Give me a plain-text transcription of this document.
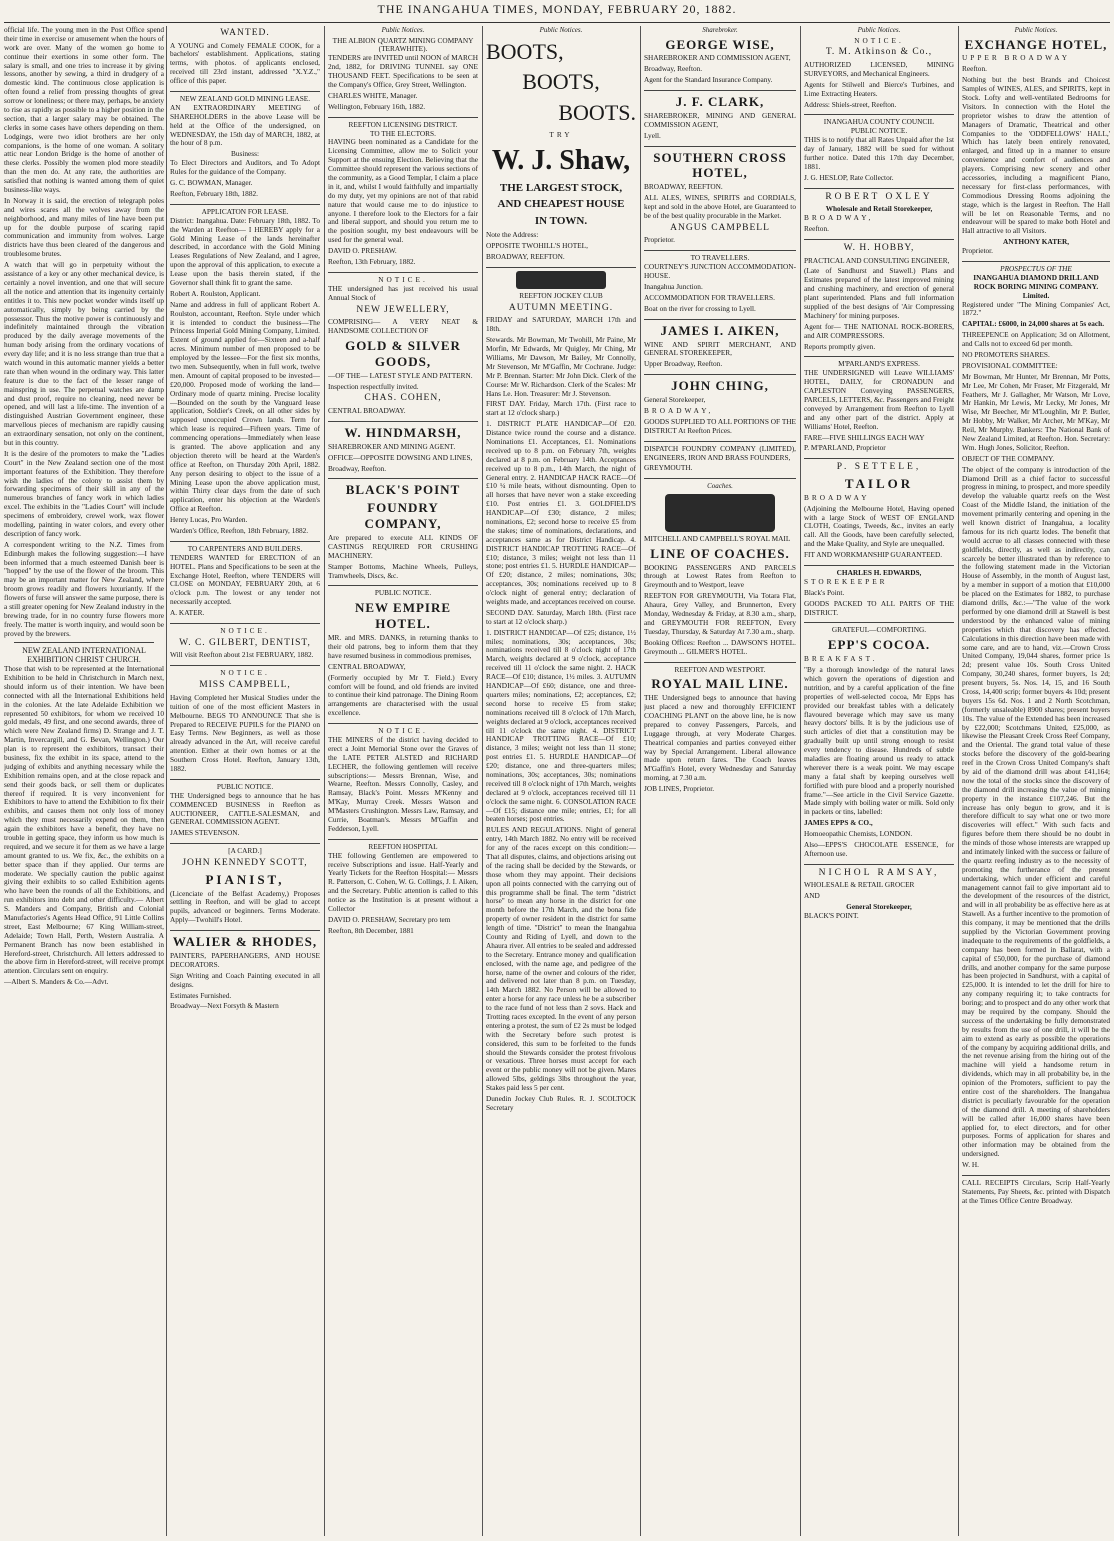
THE INANGAHUA TIMES, MONDAY, FEBRUARY 20, 1882.

official life. The young men in the Post Office spend their time in exercise or amusement when the hours of work are over. Many of the women go home to continue their exertions in some other form. The salary is small, and one tries to increase it by giving lessons, another by sewing, a third in drudgery of a domestic kind. The continuous close application is often found a relief from pressing thoughts of great sorrow or loneliness; or there may, perhaps, be anxiety to rise as rapidly as possible to a higher position in the section, that a larger salary may be obtained. The clerks in some cases have others depending on them. Lodgings, were two idiot brothers are her only companions, is the home of one woman. A solitary attic near London Bridge is the home of another of these clerks. Possibly the women plod more steadily than the men do. At any rate, the authorities are satisfied that nothing is wanted among them of quiet business-like ways.

In Norway it is said, the erection of telegraph poles and wires scares all the wolves away from the neighborhood, and many miles of line have been put up for the double purpose of scaring rapid communication and immunity from wolves. Large districts have thus been cleared of the dangerous and troublesome brutes.

A watch that will go in perpetuity without the assistance of a key or any other mechanical device, is certainly a novel invention, and one that will secure all the notice and attention that its ingenuity certainly entitles it to. This new pocket wonder winds itself up automatically, simply by being carried by the possessor. Thus the motive power is continuously and indefinitely maintained through the vibration produced by the daily average movements of the human body arising from the ordinary vocations of every day life; and it is no less strange than true that a watch wound in this automatic manner yields a better rate than when wound in the ordinary way. This latter feature is due to the fact of the lesser range of mainspring in use. The perpetual watches are damp and dust proof, require no cleaning, need never be opened, and will last a life-time. The invention of a distinguished Austrian Government engineer, these marvellous pieces of mechanism are rapidly causing an extraordinary sensation, not only on the continent, but in this country.

It is the desire of the promoters to make the "Ladies Court" in the New Zealand section one of the most important features of the Exhibition. They therefore wish the ladies of the colony to assist them by forwarding specimens of their skill in any of the numerous branches of fancy work in which ladies excel. The exhibits in the "Ladies Court" will include specimens of embroidery, crewel work, wax flower modelling, painting in water colors, and every other description of fancy work.

A correspondent writing to the N.Z. Times from Edinburgh makes the following suggestion:—I have been informed that a much esteemed Danish beer is "hopped" by the use of the flower of the broom. This may be an important matter for New Zealand, where broom grows readily and flowers luxuriantly. If the flowers of furse will answer the same purpose, there is a still greater opening for New Zealand industry in the brewing trade, for in no country furse flowers more freely. The matter is worth inquiry, and would soon be proved by the brewers.

NEW ZEALAND INTERNATIONAL EXHIBITION CHRIST CHURCH.

Those that wish to be represented at the International Exhibition to be held in Christchurch in March next, should inform us of their intention. We have been connected with all the International Exhibitions held in the colonies. At the late Adelaide Exhibition we represented 50 exhibitors, for whom we received 10 gold medals, 49 first, and one second awards, three of which were New Zealand firms) D. Strange and J. T. Martin, Invercargill, and G. Bevan, Wellington.) Our plan is to represent the exhibitors, transact their business, fix the exhibit in its space, attend to the judging of exhibits and anything necessary while the Exhibition remains open, and at the close repack and send their goods back, or sell them or duplicates thereof if required. It is very inconvenient for Exhibitors to have to attend the Exhibition to fix their exhibits, and causes them not only loss of money which they must necessarily expend on them, then again the exhibitors have a benefit, they have no trouble in getting space, they inform us how much is required, and we secure it for them as we have a large amount granted to us. We fix, &c., the exhibits on a better space than if they applied. Our terms are moderate. We specially caution the public against giving their exhibits to so called Exhibition agents who have been the rounds of all the Exhibitions, and run exhibitors into debt and other difficulty.— Albert S. Manders and Company, British and Colonial Manufactories's Agents Head Office, 91 Little Collins street, East Melbourne; 67 King William-street, Adelaide; Town Hall, Perth, Western Australia. A Permanent Branch has now been established in Hereford-street, Christchurch. All letters addressed to the above firm in Hereford-street, will receive prompt attention. Circulars sent on enquiry.

—Albert S. Manders & Co.—Advt.

WANTED.

A YOUNG and Comely FEMALE COOK, for a bachelors' establishment. Applications, stating terms, with photos. of applicants enclosed, received till 23rd instant, addressed "X.Y.Z.," office of this paper.

NEW ZEALAND GOLD MINING LEASE.

AN EXTRAORDINARY MEETING of SHAREHOLDERS in the above Lease will be held at the Office of the undersigned, on WEDNESDAY, the 15th day of MARCH, 1882, at the hour of 8 p.m.

Business:

To Elect Directors and Auditors, and To Adopt Rules for the guidance of the Company.

G. C. BOWMAN, Manager.

Reefton, February 18th, 1882.

APPLICATON FOR LEASE.

District: Inangahua. Date: February 18th, 1882. To the Warden at Reefton— I HEREBY apply for a Gold Mining Lease of the lands hereinafter described, in accordance with the Gold Mining Leases Regulations of New Zealand, and I agree, upon the approval of this application, to execute a Lease upon the basis therein stated, if the Governor shall think fit to grant the same.

Robert A. Roulston, Applicant.

Name and address in full of applicant Robert A. Roulston, accountant, Reefton. Style under which it is intended to conduct the business—The Princess Imperial Gold Mining Company, Limited. Extent of ground applied for—Sixteen and a-half acres. Minimum number of men proposed to be employed by the lessee—For the first six months, two men. Subsequently, when in full work, twelve men. Amount of capital proposed to be invested—£20,000. Proposed mode of working the land—Ordinary mode of quartz mining. Precise locality—Bounded on the south by the Vanguard lease application, Soldier's Creek, on all other sides by supposed unoccupied Crown lands. Term for which lease is required—Fifteen years. Time of commencing operations—Immediately when lease is granted. The above application and any objection thereto will be heard at the Warden's office at Reefton, on Thursday 20th April, 1882. Any person desiring to object to the issue of a Mining Lease upon the above application must, within Thirty clear days from the date of such application, enter his objection at the Warden's Office at Reefton.

Henry Lucas, Pro Warden.

Warden's Office, Reefton, 18th February, 1882.

TO CARPENTERS AND BUILDERS.

TENDERS WANTED for ERECTION of an HOTEL. Plans and Specifications to be seen at the Exchange Hotel, Reefton, where TENDERS will CLOSE on MONDAY, FEBRUARY 20th, at 6 o'clock p.m. The lowest or any tender not necessarily accepted.

A. KATER.

NOTICE.
W. C. GILBERT, DENTIST,

Will visit Reefton about 21st FEBRUARY, 1882.

NOTICE.
MISS CAMPBELL,

Having Completed her Musical Studies under the tuition of one of the most efficient Masters in Melbourne. BEGS TO ANNOUNCE That she is Prepared to RECEIVE PUPILS for the PIANO on Easy Terms. New Beginners, as well as those already advanced in the Art, will receive careful attention. Either at their own homes or at the Southern Cross Hotel. Reefton, January 13th, 1882.

PUBLIC NOTICE.

THE Undersigned begs to announce that he has COMMENCED BUSINESS in Reefton as AUCTIONEER, CATTLE-SALESMAN, and GENERAL COMMISSION AGENT.

JAMES STEVENSON.

[A CARD.]
JOHN KENNEDY SCOTT,
PIANIST,

(Licenciate of the Belfast Academy,) Proposes settling in Reefton, and will be glad to accept pupils, advanced or beginners. Terms Moderate. Apply—Twohill's Hotel.

WALIER & RHODES,

PAINTERS, PAPERHANGERS, AND HOUSE DECORATORS.

Sign Writing and Coach Painting executed in all designs.

Estimates Furnished.

Broadway—Next Forsyth & Mastern

Public Notices.
THE ALBION QUARTZ MINING COMPANY (TERAWHITE).

TENDERS are INVITED until NOON of MARCH 2nd, 1882, for DRIVING TUNNEL say ONE THOUSAND FEET. Specifications to be seen at the Company's Office, Grey Street, Wellington.

CHARLES WHITE, Manager.

Wellington, February 16th, 1882.

REEFTON LICENSING DISTRICT.
TO THE ELECTORS.

HAVING been nominated as a Candidate for the Licensing Committee, allow me to Solicit your Support at the ensuing Election. Believing that the Committee should represent the various sections of the community, as a Good Templar, I claim a place in it, and, whilst I would faithfully and impartially do my duty, yet my opinions are not of that rabid nature that would cause me to do injustice to anyone. I therefore look to the Electors for a fair and liberal support, and should you return me to the position sought, my best endeavours will be used for the general weal.

DAVID O. PRESHAW.

Reefton, 13th February, 1882.

NOTICE.

THE undersigned has just received his usual Annual Stock of

NEW JEWELLERY,

COMPRISING— A VERY NEAT & HANDSOME COLLECTION OF

GOLD & SILVER GOODS,

—OF THE— LATEST STYLE AND PATTERN.

Inspection respectfully invited.

CHAS. COHEN,

CENTRAL BROADWAY.

W. HINDMARSH,

SHAREBROKER AND MINING AGENT.

OFFICE—OPPOSITE DOWSING AND LINES,

Broadway, Reefton.

BLACK'S POINT
FOUNDRY COMPANY,

Are prepared to execute ALL KINDS OF CASTINGS REQUIRED FOR CRUSHING MACHINERY.

Stamper Bottoms, Machine Wheels, Pulleys, Tramwheels, Discs, &c.

PUBLIC NOTICE.
NEW EMPIRE HOTEL.

MR. and MRS. DANKS, in returning thanks to their old patrons, beg to inform them that they have resumed business in commodious premises,

CENTRAL BROADWAY,

(Formerly occupied by Mr T. Field.) Every comfort will be found, and old friends are invited to continue their kind patronage. The Dining Room arrangements are characterised with the usual excellence.

NOTICE.

THE MINERS of the district having decided to erect a Joint Memorial Stone over the Graves of the LATE PETER ALSTED and RICHARD LECHER, the following gentlemen will receive subscriptions:— Messrs Brennan, Wise, and Wearne, Reefton. Messrs Connolly, Casley, and Ramsay, Black's Point. Messrs M'Kenny and M'Kay, Murray Creek. Messrs Watson and M'Masters Crushington. Messrs Law, Ramsay, and Currie, Boatman's. Messrs M'Gaffin and Fedderson, Lyell.

REEFTON HOSPITAL

THE following Gentlemen are empowered to receive Subscriptions and issue. Half-Yearly and Yearly Tickets for the Reefton Hospital:— Messrs R. Patterson, C. Cohen, W. G. Collings, J. I. Aiken, and the Secretary. Public attention is called to this notice as the Institution is at present without a Collector

DAVID O. PRESHAW, Secretary pro tem

Reefton, 8th December, 1881

Public Notices.
BOOTS,
BOOTS,
BOOTS.
TRY
W. J. Shaw,
THE LARGEST STOCK,
AND CHEAPEST HOUSE
IN TOWN.

Note the Address:

OPPOSITE TWOHILL'S HOTEL,

BROADWAY, REEFTON.

REEFTON JOCKEY CLUB
AUTUMN MEETING.

FRIDAY and SATURDAY, MARCH 17th and 18th.

Stewards. Mr Bowman, Mr Twohill, Mr Paine, Mr Morfin, Mr Edwards, Mr Quigley, Mr Ching, Mr Williams, Mr Dawson, Mr Bailey, Mr Connolly, Mr Stevenson, Mr M'Gaffin, Mr Cochrane. Judge: Mr P. Brennan. Starter: Mr John Dick. Clerk of the Course: Mr W. Richardson. Clerk of the Scales: Mr Hans Le. Hon. Treasurer: Mr J. Stevenson.

FIRST DAY. Friday, March 17th. (First race to start at 12 o'clock sharp.)

1. DISTRICT PLATE HANDICAP—Of £20. Distance twice round the course and a distance. Nominations £1. Acceptances, £1. Nominations received up to 8 p.m. on February 7th, weights declared at 8 p.m. on February 14th. Acceptances received up to 8 p.m., 14th March, the night of General entry. 2. HANDICAP HACK RACE—Of £10 ¼ mile heats, without dismounting. Open to all horses that have never won a stake exceeding £10. Post entries £1. 3. GOLDFIELD'S HANDICAP—Of £30; distance, 2 miles; nominations, £2; second horse to receive £5 from the stakes; time of nominations, declarations, and acceptances same as for District Handicap. 4. DISTRICT HANDICAP TROTTING RACE—Of £10; distance, 3 miles; weight not less than 11 stone; post entries £1. 5. HURDLE HANDICAP—Of £20; distance, 2 miles; nominations, 30s; acceptances, 30s; nominations received up to 8 o'clock night of general entry; declaration of weights made, and acceptances received on course.

SECOND DAY. Saturday, March 18th. (First race to start at 12 o'clock sharp.)

1. DISTRICT HANDICAP—Of £25; distance, 1½ miles; nominations, 30s; acceptances, 30s; nominations received till 8 o'clock night of 17th March, weights declared at 9 o'clock, acceptance received till 11 o'clock the same night. 2. HACK RACE—Of £10; distance, 1½ miles. 3. AUTUMN HANDICAP—Of £60; distance, one and three-quarters miles; nominations, £2; acceptances, £2; second horse to receive £5 from stake; nominations received till 8 o'clock of 17th March, weights declared at 9 o'clock, acceptances received till 11 o'clock the same night. 4. DISTRICT HANDICAP TROTTING RACE—Of £10; distance, 3 miles; weight not less than 11 stone; post entries £1. 5. HURDLE HANDICAP—Of £20; distance, one and three-quarters miles; nominations, 30s; acceptances, 30s; nominations received till 8 o'clock night of 17th March, weights declared at 9 o'clock, acceptances received till 11 o'clock the same night. 6. CONSOLATION RACE—Of £15; distance one mile; entries, £1; for all beaten horses; post entries.

RULES AND REGULATIONS. Night of general entry, 14th March 1882. No entry will be received for any of the races except on this condition:—That all disputes, claims, and objections arising out of the racing shall be decided by the Stewards, or those whom they may appoint. Their decisions upon all points connected with the carrying out of this programme shall be final. The term "district horse" to mean any horse in the district for one month before the 17th March, and the bona fide property of owner resident in the district for same length of time. "District" to mean the Inangahua County and Riding of Lyell, and down to the Ahaura river. All entries to be sealed and addressed to the Secretary. Entrance money and qualification enclosed, with the name age, and pedigree of the horse, name of the owner and colours of the rider, and delivered not later than 8 p.m. on Tuesday, 14th March 1882. No Person will be allowed to enter a horse for any race unless he be a subscriber to the race fund of not less than 2 sovs. Hack and Trotting races excepted. In the event of any person entering a protest, the sum of £2 2s must be lodged with the Secretary before such protest is considered, this sum to be forfeited to the funds should the Stewards consider the protest frivolous or vexatious. Three horses must accept for each event or the public money will not be given. Mares allowed 5lbs, geldings 3lbs throughout the year, Stakes paid less 5 per cent.

Dunedin Jockey Club Rules. R. J. SCOLTOCK Secretary

Sharebroker.
GEORGE WISE,

SHAREBROKER AND COMMISSION AGENT,

Broadway, Reefton.

Agent for the Standard Insurance Company.

J. F. CLARK,

SHAREBROKER, MINING AND GENERAL COMMISSION AGENT,

Lyell.

SOUTHERN CROSS HOTEL,

BROADWAY, REEFTON.

ALL ALES, WINES, SPIRITS and CORDIALS, kept and sold in the above Hotel, are Guaranteed to be of the best quality procurable in the Market.

ANGUS CAMPBELL

Proprietor.

TO TRAVELLERS.

COURTNEY'S JUNCTION ACCOMMODATION-HOUSE.

Inangahua Junction.

ACCOMMODATION FOR TRAVELLERS.

Boat on the river for crossing to Lyell.

JAMES I. AIKEN,

WINE AND SPIRIT MERCHANT, AND GENERAL STOREKEEPER,

Upper Broadway, Reefton.

JOHN CHING,

General Storekeeper,

BROADWAY,

GOODS SUPPLIED TO ALL PORTIONS OF THE DISTRICT At Reefton Prices.

DISPATCH FOUNDRY COMPANY (LIMITED), ENGINEERS, IRON AND BRASS FOUNDERS,

GREYMOUTH.

Coaches.

MITCHELL AND CAMPBELL'S ROYAL MAIL

LINE OF COACHES.

BOOKING PASSENGERS AND PARCELS through at Lowest Rates from Reefton to Greymouth and to Westport, leave

REEFTON FOR GREYMOUTH, Via Totara Flat, Ahaura, Grey Valley, and Brunnerton, Every Monday, Wednesday & Friday, at 8.30 a.m., sharp, and GREYMOUTH FOR REEFTON, Every Tuesday, Thursday, & Saturday At 7.30 a.m., sharp.

Booking Offices: Reefton ... DAWSON'S HOTEL. Greymouth ... GILMER'S HOTEL.

REEFTON AND WESTPORT.
ROYAL MAIL LINE.

THE Undersigned begs to announce that having just placed a new and thoroughly EFFICIENT COACHING PLANT on the above line, he is now prepared to convey Passengers, Parcels, and Luggage through, at very Moderate Charges. Theatrical companies and parties conveyed either way by Special Arrangement. Liberal allowance made upon return fares. The Coach leaves M'Gaffin's Hotel, every Wednesday and Saturday morning, at 7.30 a.m.

JOB LINES, Proprietor.

Public Notices.
NOTICE.
T. M. Atkinson & Co.,

AUTHORIZED LICENSED, MINING SURVEYORS, and Mechanical Engineers.

Agents for Stilwell and Bierce's Turbines, and Lime Extracting Heaters.

Address: Shiels-street, Reefton.

INANGAHUA COUNTY COUNCIL
PUBLIC NOTICE.

THIS is to notify that all Rates Unpaid after the 1st day of January, 1882 will be sued for without further notice. Dated this 17th day December, 1881.

J. G. HESLOP, Rate Collector.

ROBERT OXLEY
Wholesale and Retail Storekeeper,

BROADWAY,

Reefton.

W. H. HOBBY,

PRACTICAL AND CONSULTING ENGINEER,

(Late of Sandhurst and Stawell.) Plans and Estimates prepared of the latest improved mining and crushing machinery, and erection of general plant superintended. Plans and full information supplied of the best designs of 'Air Compressing Machinery' for mining purposes.

Agent for— THE NATIONAL ROCK-BORERS, and AIR COMPRESSORS.

Reports promptly given.

M'PARLAND'S EXPRESS.

THE UNDERSIGNED will Leave WILLIAMS' HOTEL, DAILY, for CRONADUN and CAPLESTON Conveying PASSENGERS, PARCELS, LETTERS, &c. Passengers and Freight conveyed by Arrangement from Reefton to Lyell and any other part of the district. Apply at Williams' Hotel, Reefton.

FARE—FIVE SHILLINGS EACH WAY

P. M'PARLAND, Proprietor

P. SETTELE,
TAILOR

BROADWAY

(Adjoining the Melbourne Hotel, Having opened with a large Stock of WEST OF ENGLAND CLOTH, Coatings, Tweeds, &c., invites an early call. All the Goods, have been carefully selected, and the Make Quality, and Style are unequalled.

FIT AND WORKMANSHIP GUARANTEED.

CHARLES H. EDWARDS,

STOREKEEPER

Black's Point.

GOODS PACKED TO ALL PARTS OF THE DISTRICT.

GRATEFUL—COMFORTING.
EPP'S COCOA.

BREAKFAST.

"By a thorough knowledge of the natural laws which govern the operations of digestion and nutrition, and by a careful application of the fine properties of well-selected cocoa, Mr Epps has provided our breakfast tables with a delicately flavoured beverage which may save us many heavy doctors' bills. It is by the judicious use of such articles of diet that a constitution may be gradually built up until strong enough to resist every tendency to disease. Hundreds of subtle maladies are floating around us ready to attack wherever there is a weak point. We may escape many a fatal shaft by keeping ourselves well fortified with pure blood and a properly nourished frame."—See article in the Civil Service Gazette. Made simply with boiling water or milk. Sold only in packets or tins, labelled:

JAMES EPPS & CO.,

Homoeopathic Chemists, LONDON.

Also—EPPS'S CHOCOLATE ESSENCE, for Afternoon use.

NICHOL RAMSAY,

WHOLESALE & RETAIL GROCER

AND

General Storekeeper,

BLACK'S POINT.

Public Notices.
EXCHANGE HOTEL,

UPPER BROADWAY

Reefton.

Nothing but the best Brands and Choicest Samples of WINES, ALES, and SPIRITS, kept in Stock. Lofty and well-ventilated Bedrooms for Visitors. In connection with the Hotel the proprietor wishes to draw the attention of Managers of Dramatic, Theatrical and other Companies to the 'ODDFELLOWS' HALL,' Which has lately been entirely renovated, enlarged, and fitted up in a manner to ensure convenience and comfort of audiences and players. Comprising new scenery and other accessories, including a magnificent Piano, necessary for first-class performances, with Commodious Dressing Rooms adjoining the stage, which is the largest in Reefton. The Hall will be let on Reasonable Terms, and no endeavour will be spared to make both Hotel and Hall attractive to all Visitors.

ANTHONY KATER,

Proprietor.

PROSPECTUS OF THE
INANGAHUA DIAMOND DRILL AND ROCK BORING MINING COMPANY. Limited.

Registered under "The Mining Companies' Act, 1872."

CAPITAL: £6000, in 24,000 shares at 5s each.

THREEPENCE on Application; 3d on Allotment, and Calls not to exceed 6d per month.

NO PROMOTERS SHARES.

PROVISIONAL COMMITTEE:

Mr Bowman, Mr Hunter, Mr Brennan, Mr Potts, Mr Lee, Mr Cohen, Mr Fraser, Mr Fitzgerald, Mr Feathers, Mr J. Gallagher, Mr Watson, Mr Love, Mr Hankin, Mr Lewis, Mr Lecky, Mr Jones, Mr Wise, Mr Beecher, Mr M'Loughlin, Mr P. Butler, Mr Hobby, Mr Walker, Mr Archer, Mr M'Kay, Mr Reil, Mr Murphy. Bankers: The National Bank of New Zealand Limited, at Reefton. Hon. Secretary: Wm. Hugh Jones, Solicitor, Reefton.

OBJECT OF THE COMPANY.

The object of the company is introduction of the Diamond Drill as a chief factor to successful progress in mining, to prospect, and more speedily develop the valuable quartz reefs on the West Coast of the Middle Island, the initiation of the movement primarily centering and opening in the well known district of Inangahua, a locality famous for its rich quartz lodes. The benefit that would accrue to all classes connected with these goldfields, directly, as well as indirectly, can scarcely be better illustrated than by reference to the following statement made in the Victorian House of Assembly, in the month of August last, by a member in support of a motion that £10,000 be placed on the Estimates for 1882, to purchase diamond drills, &c.:—"The value of the work performed by one diamond drill at Stawell is best understood by the enhanced value of mining properties which that discovery has effected. Calculations in this direction have been made with some care, and are to hand, viz.—Crown Cross United Company, 19,044 shares, former price 1s 2d; present value 10s. South Cross United Company, 30,240 shares, former buyers, 1s 2d; present buyers, 5s. Nos. 14, 15, and 16 South Cross, 14,400 scrip; former buyers 4s 10d; present buyers 15s 6d. Nos. 1 and 2 North Scotchman, (formerly unsaleable) 8900 shares; present buyers 10s. The value of the Extended has been increased by £22,000; Scotchmans United, £25,000, as likewise the Pleasant Creek Cross Reef Company, and the Oriental. The grand total value of these stocks before the discovery of the gold-bearing reef in the Crown Cross United Company's shaft by aid of the diamond drill was about £41,164; now the total of the stocks since the discovery of the diamond drill increasing the value of mining property in the instance £107,246. But the increase has only begun to grow, and it is therefore difficult to say what one or two more discoveries will effect." With such facts and figures before them there should be no doubt in the minds of those whose interests are wrapped up and intimately linked with the success or failure of the quartz reefing industry as to the necessity of promoting the furtherance of the present undertaking, which under efficient and careful management cannot fail to give important aid to the development of the resources of the district, and will in all probability be as effective here as at Stawell. As a further incentive to the promotion of this company, it may be mentioned that the drills supplied by the Victorian Government proving inadequate to the requirements of the goldfields, a company has been formed in Ballarat, with a capital of £50,000, for the purchase of diamond drills, and another company for the same purpose has been projected in Sandhurst, with a capital of £25,000. It is intended to let the drill for hire to any company requiring it; to take contracts for boring; and to prospect and do any other work that may be required by the company. Should the success of the undertaking be fully demonstrated by results from the use of one drill, it will be the aim to extend as early as possible the operations of the company by acquiring additional drills, and the net revenue arising from the hiring out of the machine will yield a handsome return in dividends, which may in all probability be, in the opinion of the Promoters, sufficient to pay the entire cost of the shareholders. The Inangahua district is peculiarly favourable for the operation of the diamond drill. A meeting of shareholders will be called after 16,000 shares have been applied for, to elect directors, and for other purposes. Forms of application for shares and other information may be obtained from the undersigned.

W. H.

CALL RECEIPTS Circulars, Scrip Half-Yearly Statements, Pay Sheets, &c. printed with Dispatch at the Times Office Centre Broadway.
